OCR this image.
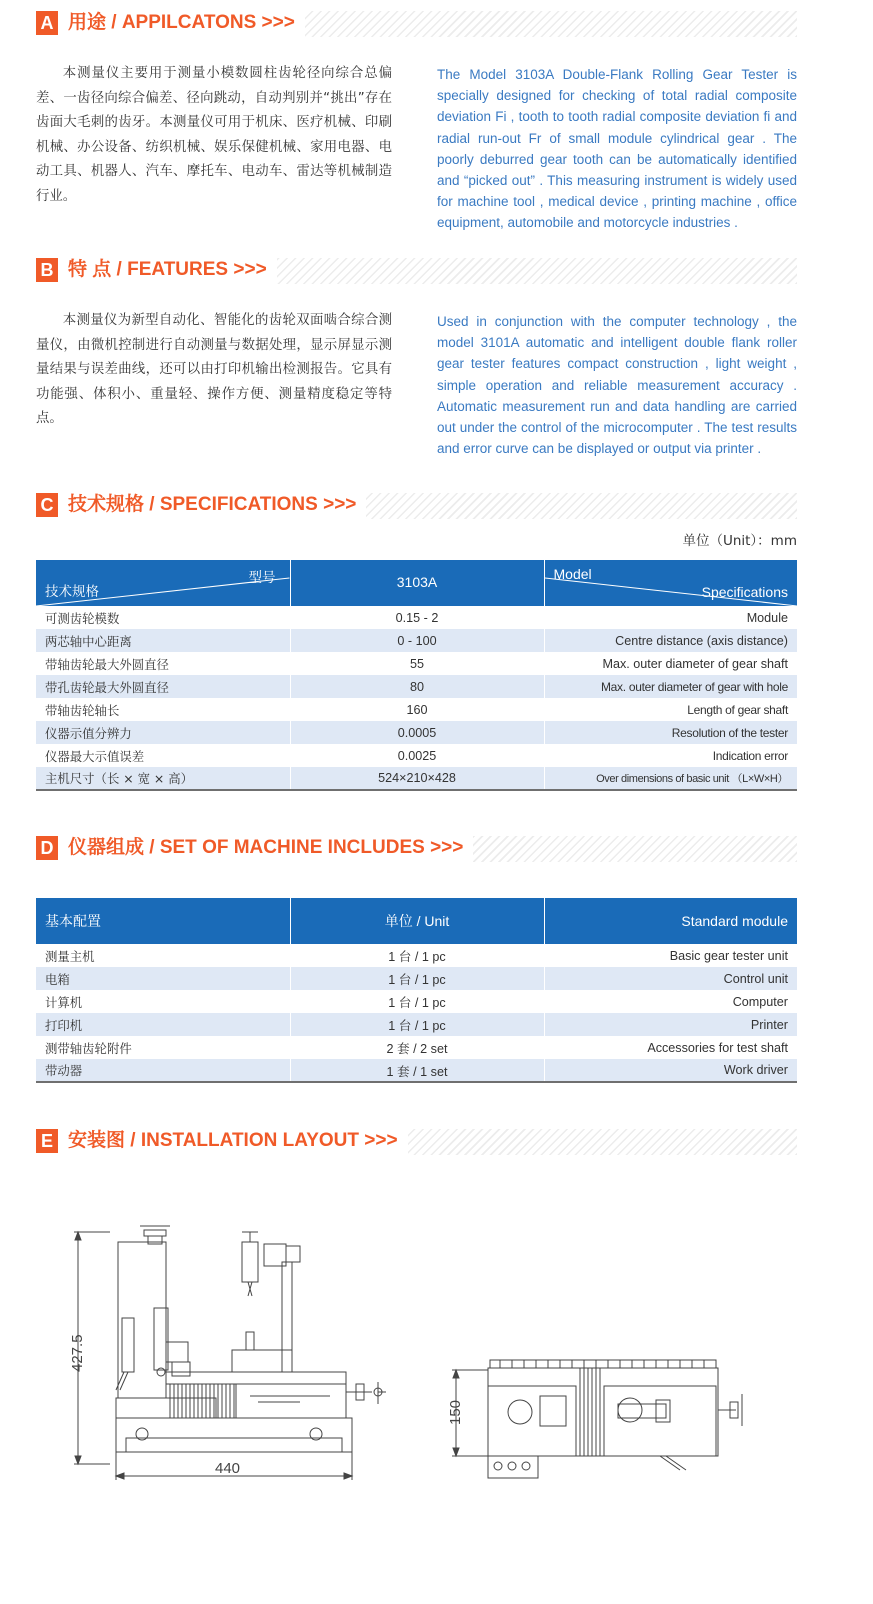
A 用途 / APPILCATONS >>>
本测量仪主要用于测量小模数圆柱齿轮径向综合总偏差、一齿径向综合偏差、径向跳动，自动判别并“挑出”存在齿面大毛刺的齿牙。本测量仪可用于机床、医疗机械、印刷机械、办公设备、纺织机械、娱乐保健机械、家用电器、电动工具、机器人、汽车、摩托车、电动车、雷达等机械制造行业。
The Model 3103A Double-Flank Rolling Gear Tester is specially designed for checking of total radial composite deviation Fi , tooth to tooth radial composite deviation fi and radial run-out Fr of small module cylindrical gear . The poorly deburred gear tooth can be automatically identified and “picked out” . This measuring instrument is widely used for machine tool , medical device , printing machine , office equipment, automobile and motorcycle industries .
B 特 点 / FEATURES >>>
本测量仪为新型自动化、智能化的齿轮双面啮合综合测量仪，由微机控制进行自动测量与数据处理，显示屏显示测量结果与误差曲线，还可以由打印机输出检测报告。它具有功能强、体积小、重量轻、操作方便、测量精度稳定等特点。
Used in conjunction with the computer technology , the model 3101A automatic and intelligent double flank roller gear tester features compact construction , light weight , simple operation and reliable measurement accuracy . Automatic measurement run and data handling are carried out under the control of the microcomputer . The test results and error curve can be displayed or output via printer .
C 技术规格 / SPECIFICATIONS >>>
单位（Unit）：mm
型号
技术规格	3103A	Model
Specifications

可测齿轮模数	0.15 - 2	Module
两芯轴中心距离	0 - 100	Centre distance (axis distance)
带轴齿轮最大外圆直径	55	Max. outer diameter of gear shaft
带孔齿轮最大外圆直径	80	Max. outer diameter of gear with hole
带轴齿轮轴长	160	Length of gear shaft
仪器示值分辨力	0.0005	Resolution of the tester
仪器最大示值误差	0.0025	Indication error
主机尺寸（长 × 宽 × 高）	524×210×428	Over dimensions of basic unit （L×W×H）
D 仪器组成 / SET OF MACHINE INCLUDES >>>
基本配置	单位 / Unit	Standard module
测量主机	1 台 / 1 pc	Basic gear tester unit
电箱	1 台 / 1 pc	Control unit
计算机	1 台 / 1 pc	Computer
打印机	1 台 / 1 pc	Printer
测带轴齿轮附件	2 套 / 2 set	Accessories for test shaft
带动器	1 套 / 1 set	Work driver
E 安装图 / INSTALLATION LAYOUT >>>
427.5
440
150
